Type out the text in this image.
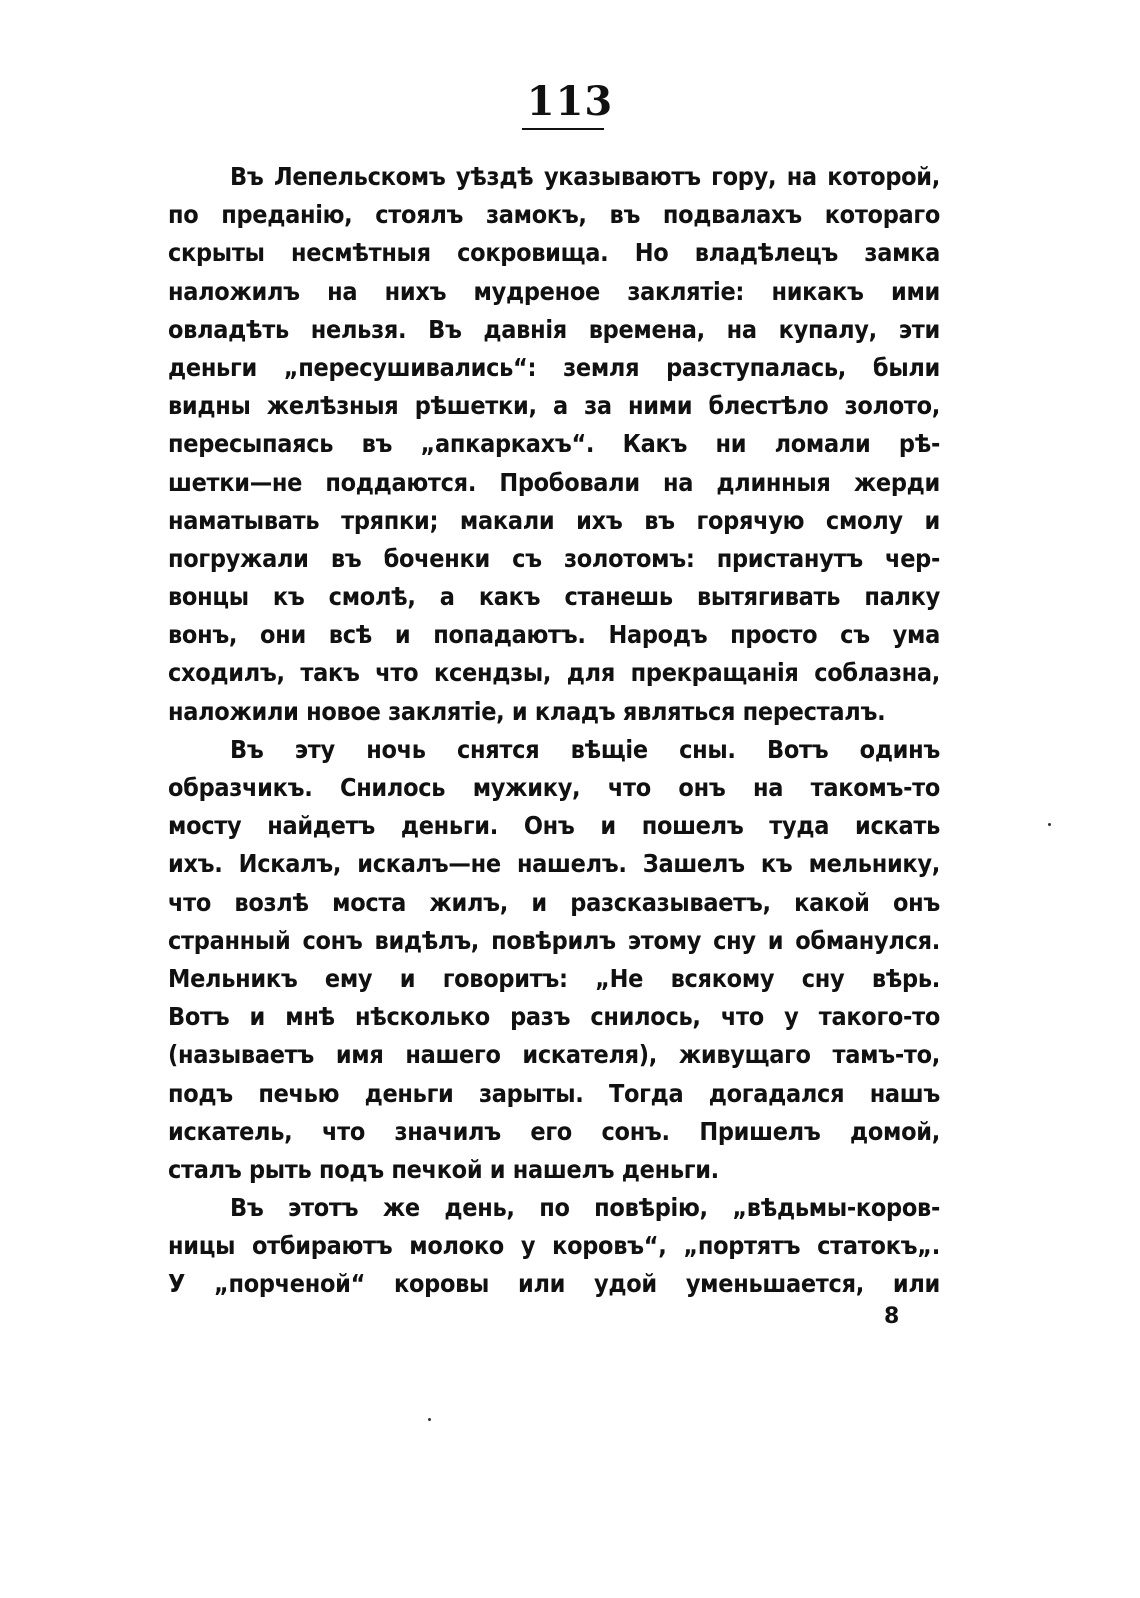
113
Въ Лепельскомъ уѣздѣ указываютъ гору, на которой,
по преданію, стоялъ замокъ, въ подвалахъ котораго
скрыты несмѣтныя сокровища. Но владѣлецъ замка
наложилъ на нихъ мудреное заклятіе: никакъ ими
овладѣть нельзя. Въ давнія времена, на купалу, эти
деньги „пересушивались“: земля разступалась, были
видны желѣзныя рѣшетки, а за ними блестѣло золото,
пересыпаясь въ „апкаркахъ“. Какъ ни ломали рѣ-
шетки—не поддаются. Пробовали на длинныя жерди
наматывать тряпки; макали ихъ въ горячую смолу и
погружали въ боченки съ золотомъ: пристанутъ чер-
вонцы къ смолѣ, а какъ станешь вытягивать палку
вонъ, они всѣ и попадаютъ. Народъ просто съ ума
сходилъ, такъ что ксендзы, для прекращанія соблазна,
наложили новое заклятіе, и кладъ являться пересталъ.
Въ эту ночь снятся вѣщіе сны. Вотъ одинъ
образчикъ. Снилось мужику, что онъ на такомъ-то
мосту найдетъ деньги. Онъ и пошелъ туда искать
ихъ. Искалъ, искалъ—не нашелъ. Зашелъ къ мельнику,
что возлѣ моста жилъ, и разсказываетъ, какой онъ
странный сонъ видѣлъ, повѣрилъ этому сну и обманулся.
Мельникъ ему и говоритъ: „Не всякому сну вѣрь.
Вотъ и мнѣ нѣсколько разъ снилось, что у такого-то
(называетъ имя нашего искателя), живущаго тамъ-то,
подъ печью деньги зарыты. Тогда догадался нашъ
искатель, что значилъ его сонъ. Пришелъ домой,
сталъ рыть подъ печкой и нашелъ деньги.
Въ этотъ же день, по повѣрію, „вѣдьмы-коров-
ницы отбираютъ молоко у коровъ“, „портятъ статокъ„.
У „порченой“ коровы или удой уменьшается, или
8
